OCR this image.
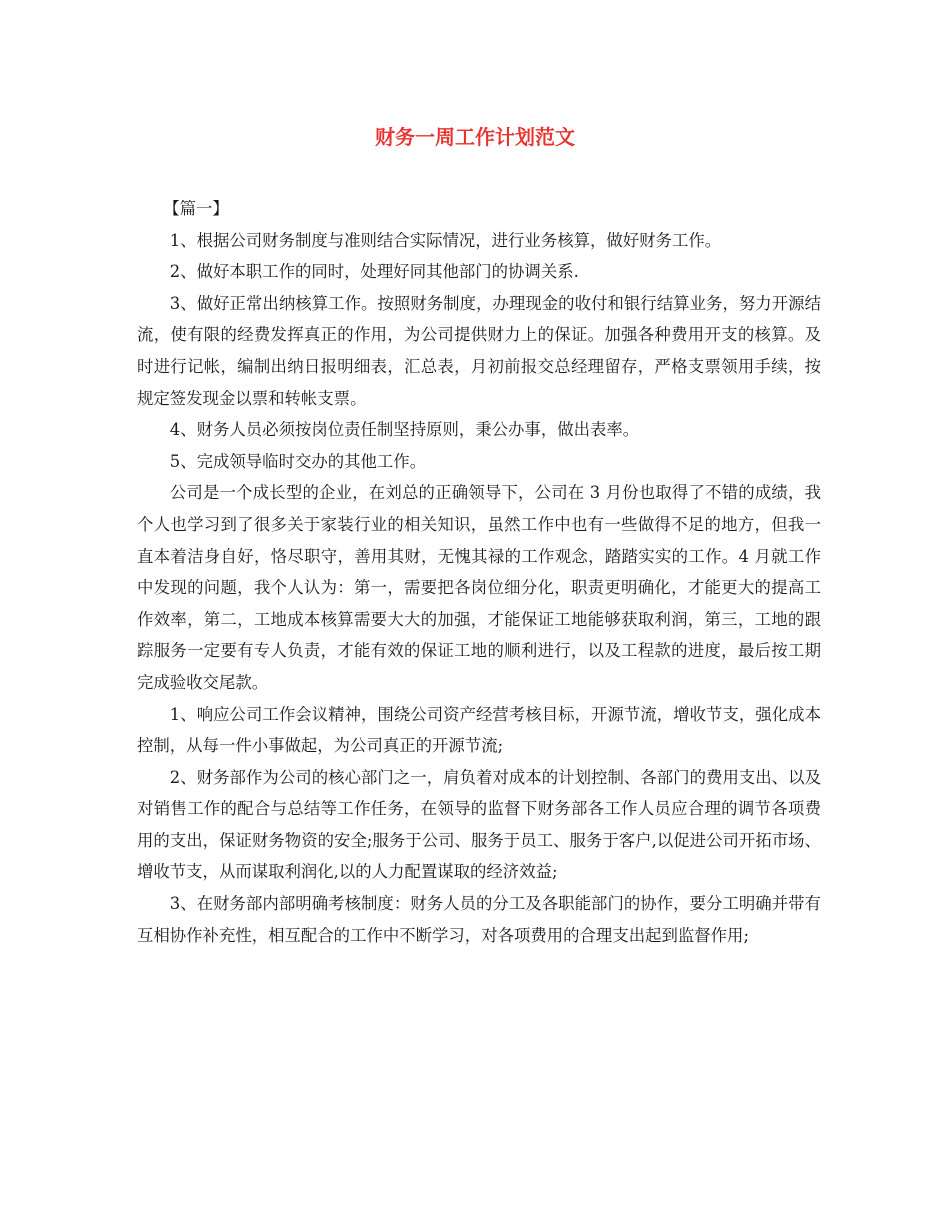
财务一周工作计划范文

【篇一】

1、根据公司财务制度与准则结合实际情况，进行业务核算，做好财务工作。

2、做好本职工作的同时，处理好同其他部门的协调关系.

3、做好正常出纳核算工作。按照财务制度，办理现金的收付和银行结算业务，努力开源结流，使有限的经费发挥真正的作用，为公司提供财力上的保证。加强各种费用开支的核算。及时进行记帐，编制出纳日报明细表，汇总表，月初前报交总经理留存，严格支票领用手续，按规定签发现金以票和转帐支票。

4、财务人员必须按岗位责任制坚持原则，秉公办事，做出表率。

5、完成领导临时交办的其他工作。

公司是一个成长型的企业，在刘总的正确领导下，公司在 3 月份也取得了不错的成绩，我个人也学习到了很多关于家装行业的相关知识，虽然工作中也有一些做得不足的地方，但我一直本着洁身自好，恪尽职守，善用其财，无愧其禄的工作观念，踏踏实实的工作。4 月就工作中发现的问题，我个人认为：第一，需要把各岗位细分化，职责更明确化，才能更大的提高工作效率，第二，工地成本核算需要大大的加强，才能保证工地能够获取利润，第三，工地的跟踪服务一定要有专人负责，才能有效的保证工地的顺利进行，以及工程款的进度，最后按工期完成验收交尾款。

1、响应公司工作会议精神，围绕公司资产经营考核目标，开源节流，增收节支，强化成本控制，从每一件小事做起，为公司真正的开源节流;

2、财务部作为公司的核心部门之一，肩负着对成本的计划控制、各部门的费用支出、以及对销售工作的配合与总结等工作任务，在领导的监督下财务部各工作人员应合理的调节各项费用的支出，保证财务物资的安全;服务于公司、服务于员工、服务于客户,以促进公司开拓市场、增收节支，从而谋取利润化,以的人力配置谋取的经济效益;

3、在财务部内部明确考核制度：财务人员的分工及各职能部门的协作，要分工明确并带有互相协作补充性，相互配合的工作中不断学习，对各项费用的合理支出起到监督作用;
